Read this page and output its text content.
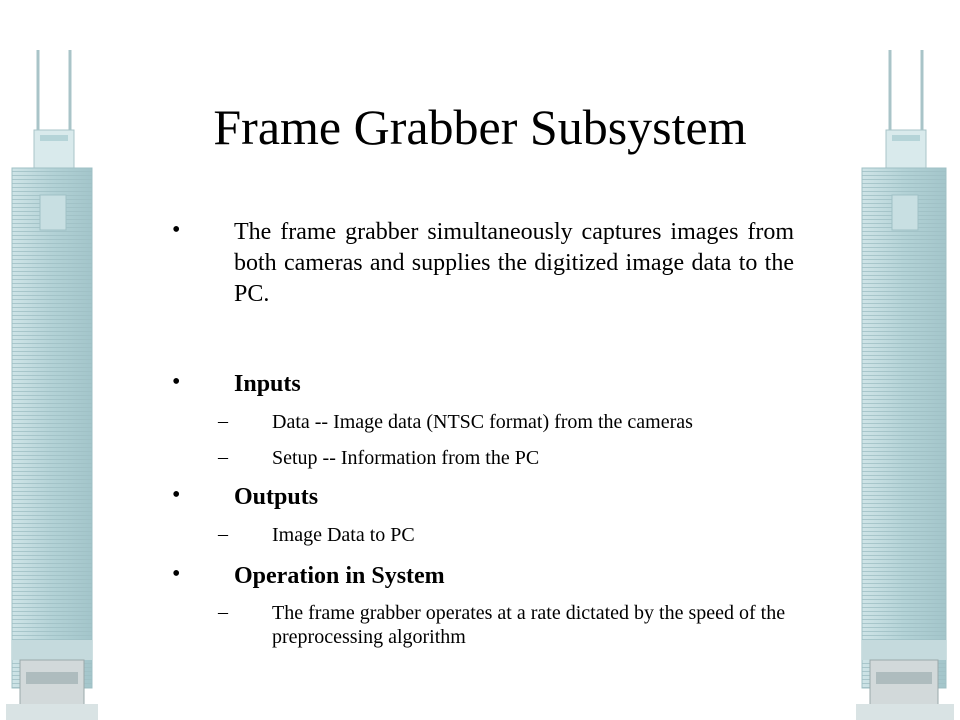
Frame Grabber Subsystem
• The frame grabber simultaneously captures images from both cameras and supplies the digitized image data to the PC.
• Inputs
– Data -- Image data (NTSC format) from the cameras
– Setup -- Information from the PC
• Outputs
– Image Data to PC
• Operation in System
– The frame grabber operates at a rate dictated by the speed of the preprocessing algorithm
